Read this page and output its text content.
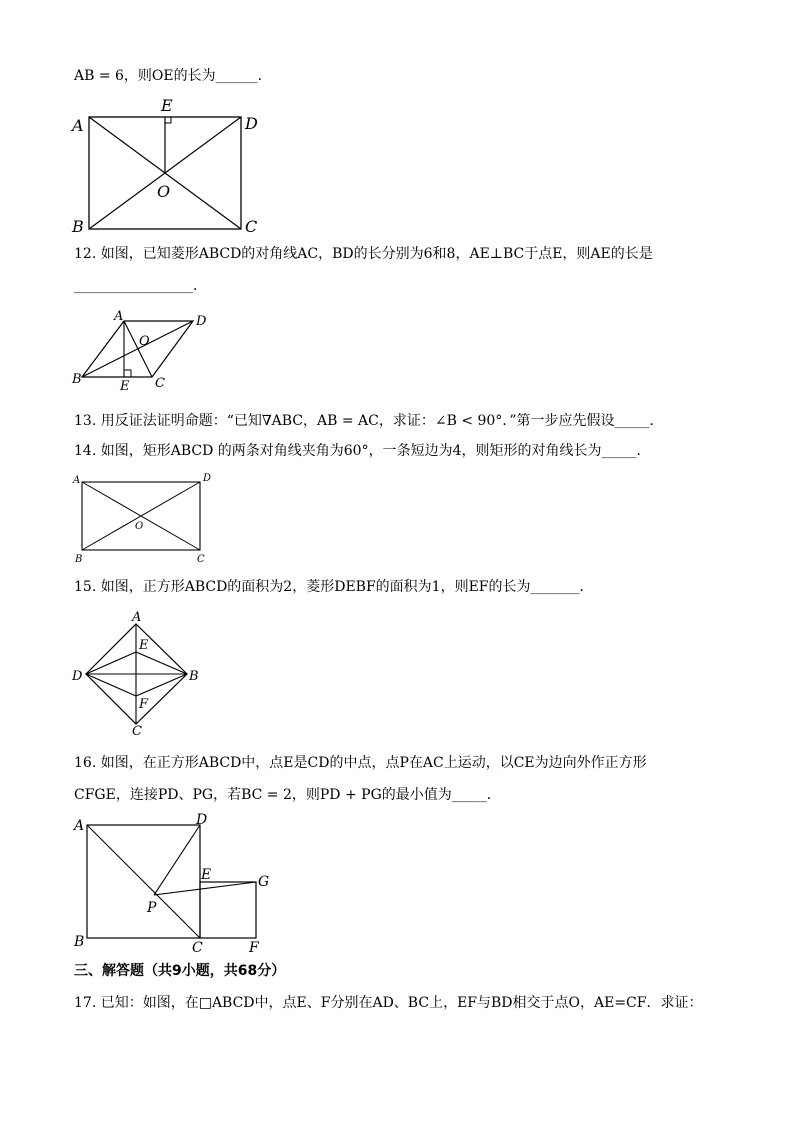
AB = 6，则OE的长为______．
E
A	D
O
B	C
12. 如图，已知菱形ABCD的对角线AC，BD的长分别为6和8，AE⊥BC于点E，则AE的长是
_________________．
A	D
O
B	E C
13. 用反证法证明命题：“已知∇ABC，AB = AC，求证：∠B < 90°．”第一步应先假设_____．
14. 如图，矩形ABCD 的两条对角线夹角为60°，一条短边为4，则矩形的对角线长为_____．
A	D
O
B	C
15. 如图，正方形ABCD的面积为2，菱形DEBF的面积为1，则EF的长为_______．
A
E
D	B
F
C
16. 如图，在正方形ABCD中，点E是CD的中点，点P在AC上运动，以CE为边向外作正方形
CFGE，连接PD、PG，若BC = 2，则PD + PG的最小值为_____．
A	D
E	G
P
B	C	F
三、解答题（共9小题，共68分）
17. 已知：如图，在□ABCD中，点E、F分别在AD、BC上，EF与BD相交于点O，AE=CF．求证：
